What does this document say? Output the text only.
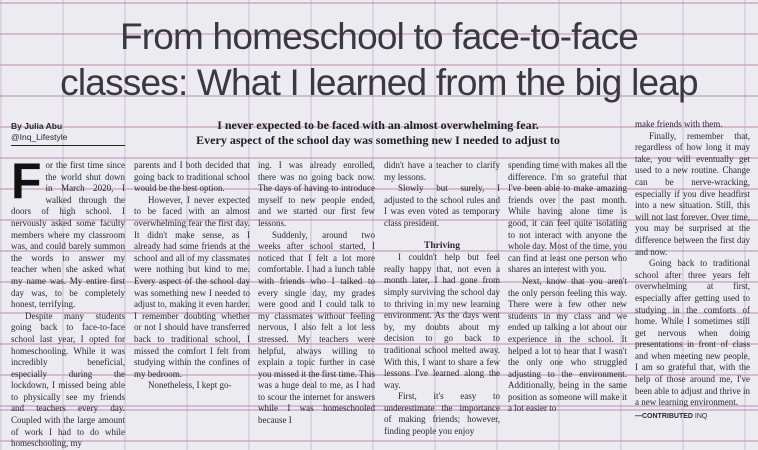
From homeschool to face-to-face
classes: What I learned from the big leap
By Julia Abu
@Inq_Lifestyle
I never expected to be faced with an almost overwhelming fear.
Every aspect of the school day was something new I needed to adjust to
F or the first time since the world shut down in March 2020, I walked through the doors of high school. I nervously asked some faculty members where my classroom was, and could barely summon the words to answer my teacher when she asked what my name was. My entire first day was, to be completely honest, terrifying.

Despite many students going back to face-to-face school last year, I opted for homeschooling. While it was incredibly beneficial, especially during the lockdown, I missed being able to physically see my friends and teachers every day. Coupled with the large amount of work I had to do while homeschooling, my

parents and I both decided that going back to traditional school would be the best option.

However, I never expected to be faced with an almost overwhelming fear the first day. It didn't make sense, as I already had some friends at the school and all of my classmates were nothing but kind to me. Every aspect of the school day was something new I needed to adjust to, making it even harder. I remember doubting whether or not I should have transferred back to traditional school, I missed the comfort I felt from studying within the confines of my bedroom.

Nonetheless, I kept go-

ing. I was already enrolled, there was no going back now. The days of having to introduce myself to new people ended, and we started our first few lessons.

Suddenly, around two weeks after school started, I noticed that I felt a lot more comfortable. I had a lunch table with friends who I talked to every single day, my grades were good and I could talk to my classmates without feeling nervous, I also felt a lot less stressed. My teachers were helpful, always willing to explain a topic further in case you missed it the first time. This was a huge deal to me, as I had to scour the internet for answers while I was homeschooled because I

didn't have a teacher to clarify my lessons.

Slowly but surely, I adjusted to the school rules and I was even voted as temporary class president.

Thriving

I couldn't help but feel really happy that, not even a month later, I had gone from simply surviving the school day to thriving in my new learning environment. As the days went by, my doubts about my decision to go back to traditional school melted away. With this, I want to share a few lessons I've learned along the way.

First, it's easy to underestimate the importance of making friends; however, finding people you enjoy

spending time with makes all the difference. I'm so grateful that I've been able to make amazing friends over the past month. While having alone time is good, it can feel quite isolating to not interact with anyone the whole day. Most of the time, you can find at least one person who shares an interest with you.

Next, know that you aren't the only person feeling this way. There were a few other new students in my class and we ended up talking a lot about our experience in the school. It helped a lot to hear that I wasn't the only one who struggled adjusting to the environment. Additionally, being in the same position as someone will make it a lot easier to

make friends with them.

Finally, remember that, regardless of how long it may take, you will eventually get used to a new routine. Change can be nerve-wracking, especially if you dive headfirst into a new situation. Still, this will not last forever. Over time, you may be surprised at the difference between the first day and now.

Going back to traditional school after three years felt overwhelming at first, especially after getting used to studying in the comforts of home. While I sometimes still get nervous when doing presentations in front of class and when meeting new people, I am so grateful that, with the help of those around me, I've been able to adjust and thrive in a new learning environment.

—CONTRIBUTED INQ
